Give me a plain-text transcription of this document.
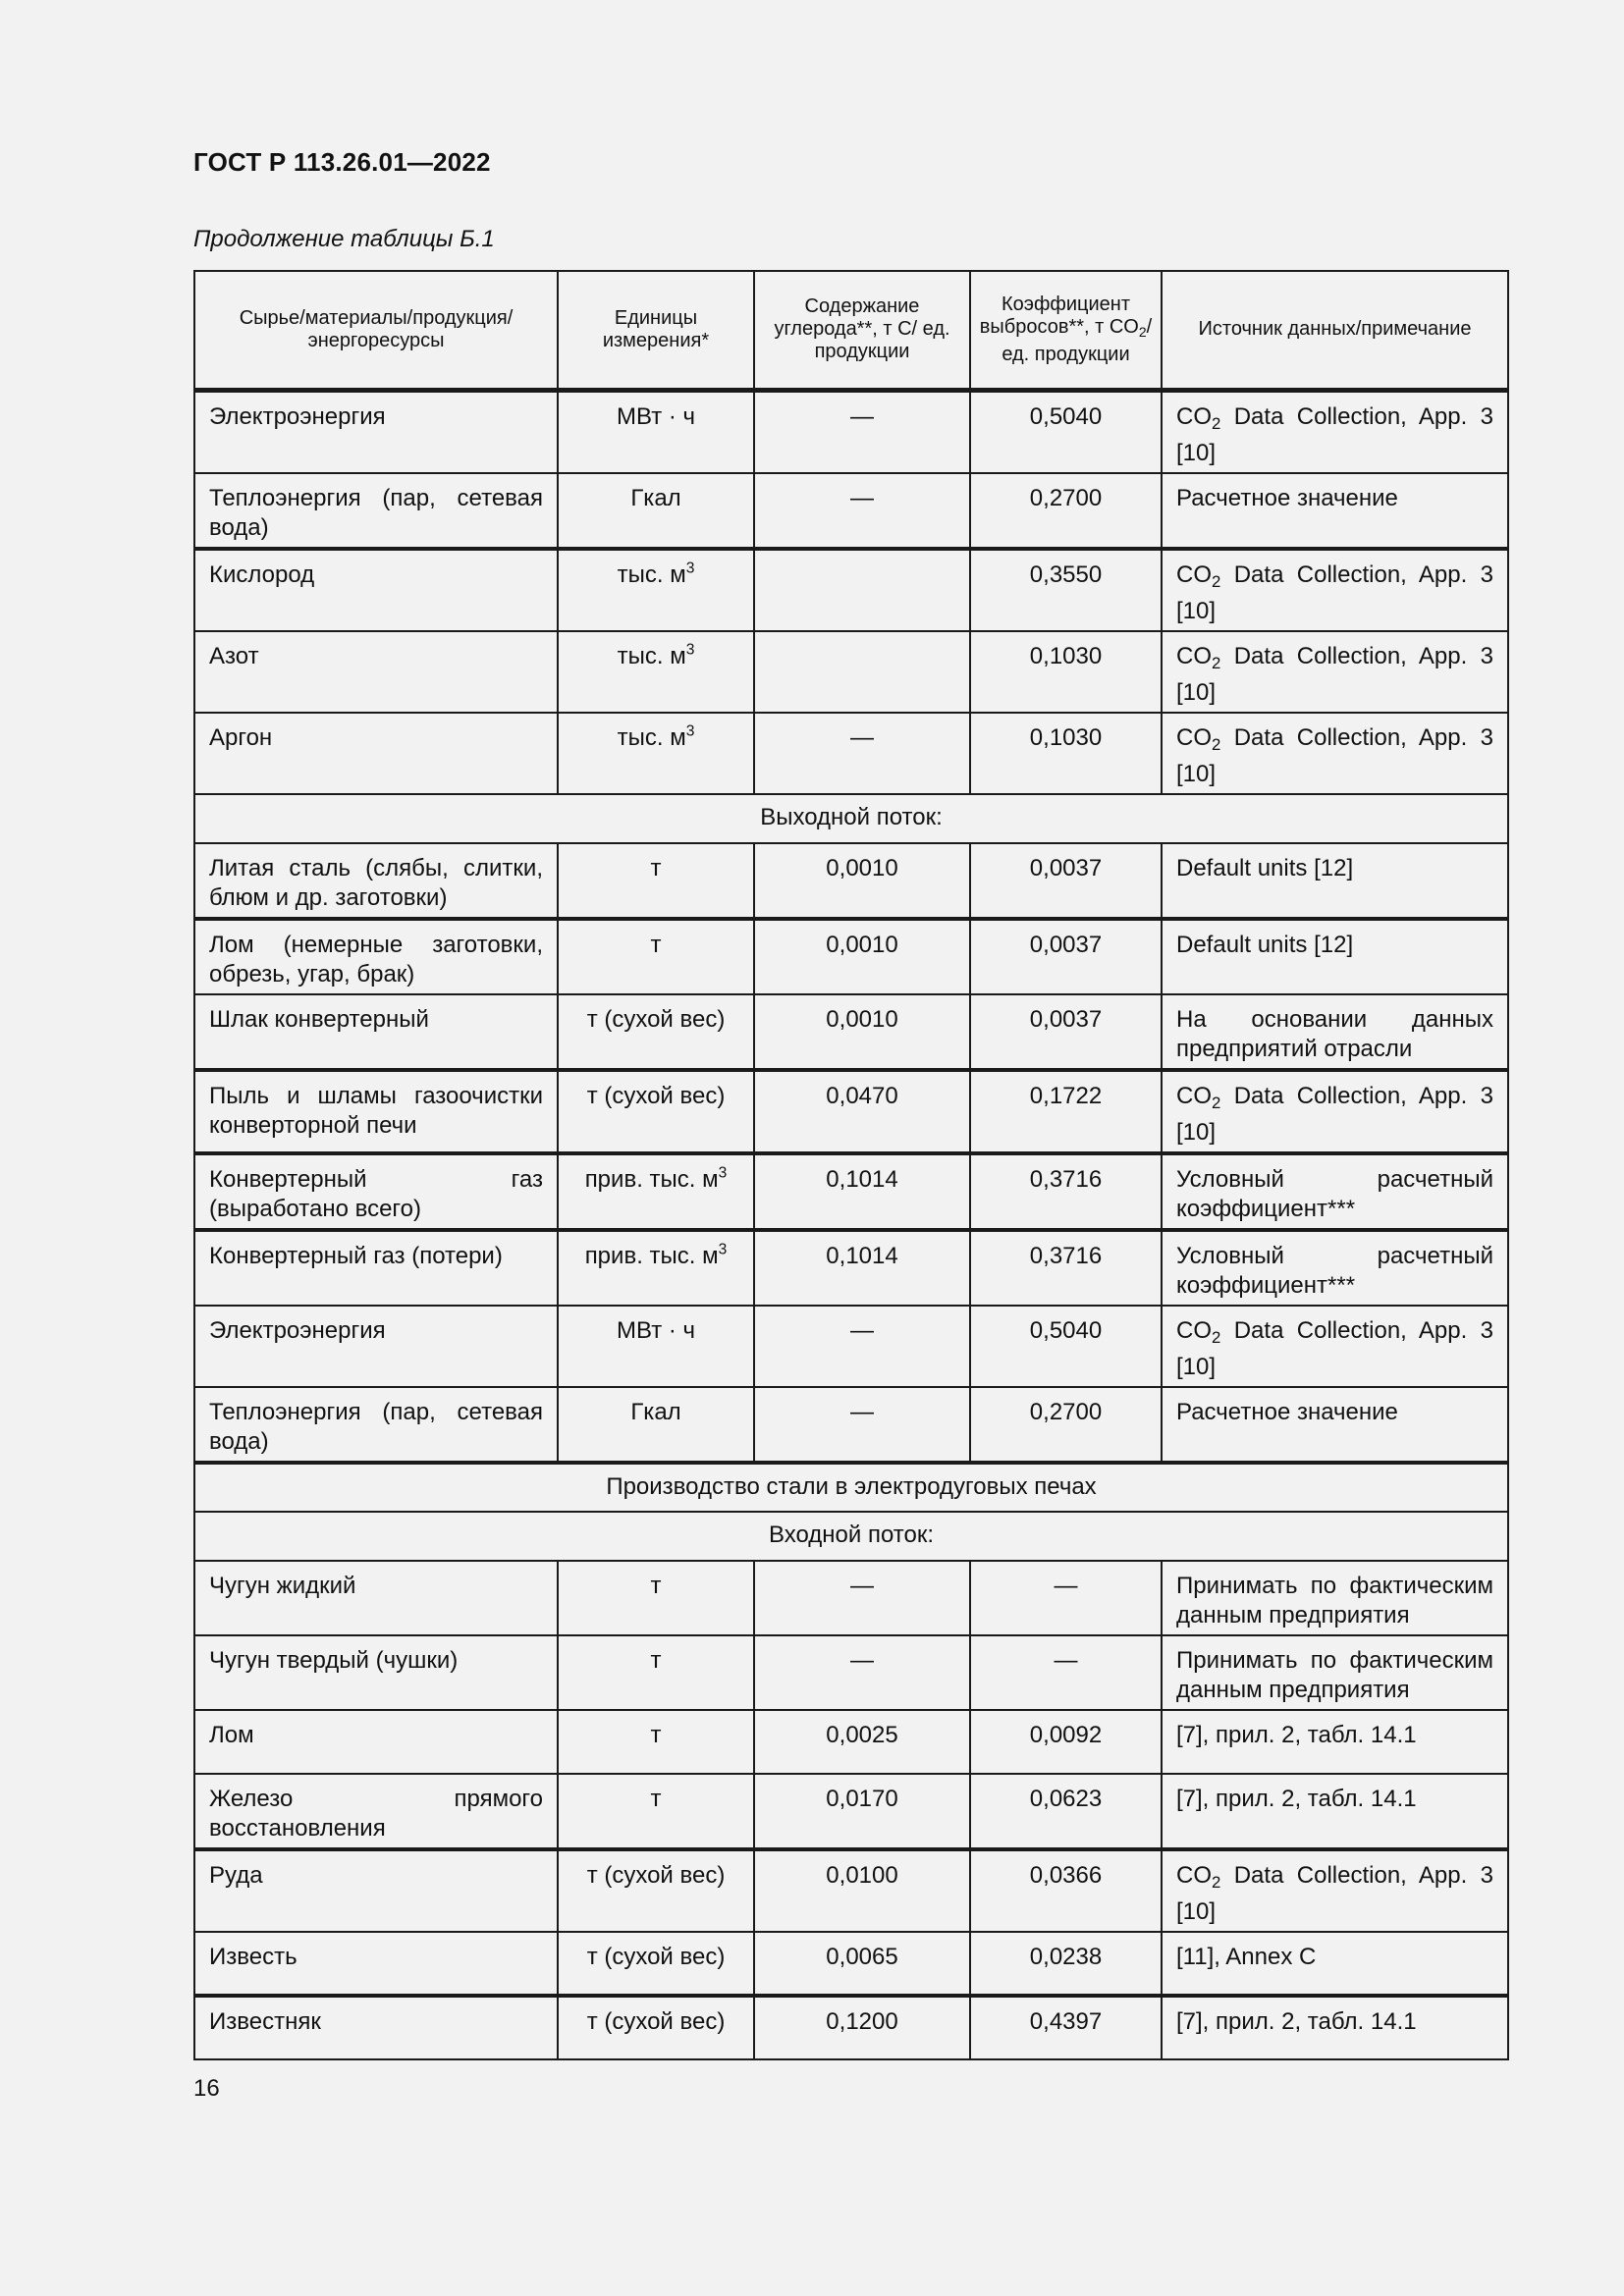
ГОСТ Р 113.26.01—2022
Продолжение таблицы Б.1
Сырье/материалы/продукция/ энергоресурсы	Единицы измерения*	Содержание углерода**, т С/ ед. продукции	Коэффициент выбросов**, т $CO_2/ед$. продукции	Источник данных/примечание
Электроэнергия	МВт · ч	—	0,5040	$CO_2$ Data Collection, App. 3 [10]
Теплоэнергия (пар, сетевая вода)	Гкал	—	0,2700	Расчетное значение
Кислород	тыс. $м^3$		0,3550	$CO_2$ Data Collection, App. 3 [10]
Азот	тыс. $м^3$		0,1030	$CO_2$ Data Collection, App. 3 [10]
Аргон	тыс. $м^3$	—	0,1030	$CO_2$ Data Collection, App. 3 [10]
Выходной поток:				
Литая сталь (слябы, слитки, блюм и др. заготовки)	т	0,0010	0,0037	Default units [12]
Лом (немерные заготовки, обрезь, угар, брак)	т	0,0010	0,0037	Default units [12]
Шлак конвертерный	т (сухой вес)	0,0010	0,0037	На основании данных предприятий отрасли
Пыль и шламы газоочистки конверторной печи	т (сухой вес)	0,0470	0,1722	$CO_2$ Data Collection, App. 3 [10]
Конвертерный газ (выработано всего)	прив. тыс. $м^3$	0,1014	0,3716	Условный расчетный коэффициент***
Конвертерный газ (потери)	прив. тыс. $м^3$	0,1014	0,3716	Условный расчетный коэффициент***
Электроэнергия	МВт · ч	—	0,5040	$CO_2$ Data Collection, App. 3 [10]
Теплоэнергия (пар, сетевая вода)	Гкал	—	0,2700	Расчетное значение
Производство стали в электродуговых печах				
Входной поток:				
Чугун жидкий	т	—	—	Принимать по фактическим данным предприятия
Чугун твердый (чушки)	т	—	—	Принимать по фактическим данным предприятия
Лом	т	0,0025	0,0092	[7], прил. 2, табл. 14.1
Железо прямого восстановления	т	0,0170	0,0623	[7], прил. 2, табл. 14.1
Руда	т (сухой вес)	0,0100	0,0366	$CO_2$ Data Collection, App. 3 [10]
Известь	т (сухой вес)	0,0065	0,0238	[11], Annex C
Известняк	т (сухой вес)	0,1200	0,4397	[7], прил. 2, табл. 14.1
16
